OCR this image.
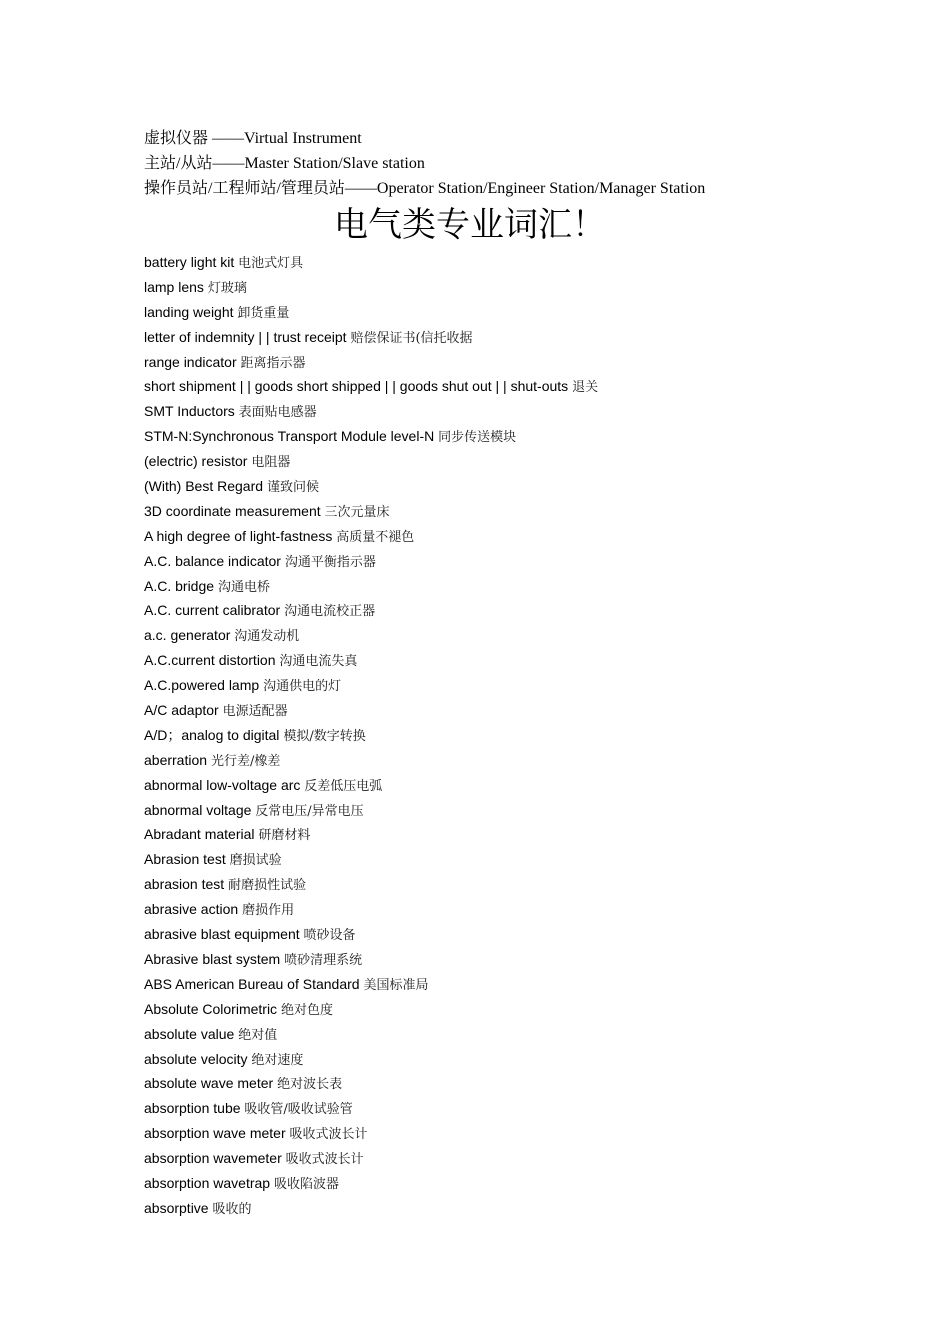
虚拟仪器 ——Virtual Instrument
主站/从站——Master Station/Slave station
操作员站/工程师站/管理员站——Operator Station/Engineer Station/Manager Station
电气类专业词汇！
battery light kit 电池式灯具
lamp lens 灯玻璃
landing weight 卸货重量
letter of indemnity | | trust receipt 赔偿保证书(信托收据
range indicator 距离指示器
short shipment | | goods short shipped | | goods shut out | | shut-outs 退关
SMT Inductors 表面贴电感器
STM-N:Synchronous Transport Module level-N 同步传送模块
(electric) resistor 电阻器
(With) Best Regard 谨致问候
3D coordinate measurement 三次元量床
A high degree of light-fastness 高质量不褪色
A.C. balance indicator 沟通平衡指示器
A.C. bridge 沟通电桥
A.C. current calibrator 沟通电流校正器
a.c. generator 沟通发动机
A.C.current distortion 沟通电流失真
A.C.powered lamp 沟通供电的灯
A/C adaptor 电源适配器
A/D；analog to digital 模拟/数字转换
aberration 光行差/橡差
abnormal low-voltage arc 反差低压电弧
abnormal voltage 反常电压/异常电压
Abradant material 研磨材料
Abrasion test 磨损试验
abrasion test 耐磨损性试验
abrasive action 磨损作用
abrasive blast equipment 喷砂设备
Abrasive blast system 喷砂清理系统
ABS American Bureau of Standard 美国标准局
Absolute Colorimetric 绝对色度
absolute value 绝对值
absolute velocity 绝对速度
absolute wave meter 绝对波长表
absorption tube 吸收管/吸收试验管
absorption wave meter 吸收式波长计
absorption wavemeter 吸收式波长计
absorption wavetrap 吸收陷波器
absorptive 吸收的
